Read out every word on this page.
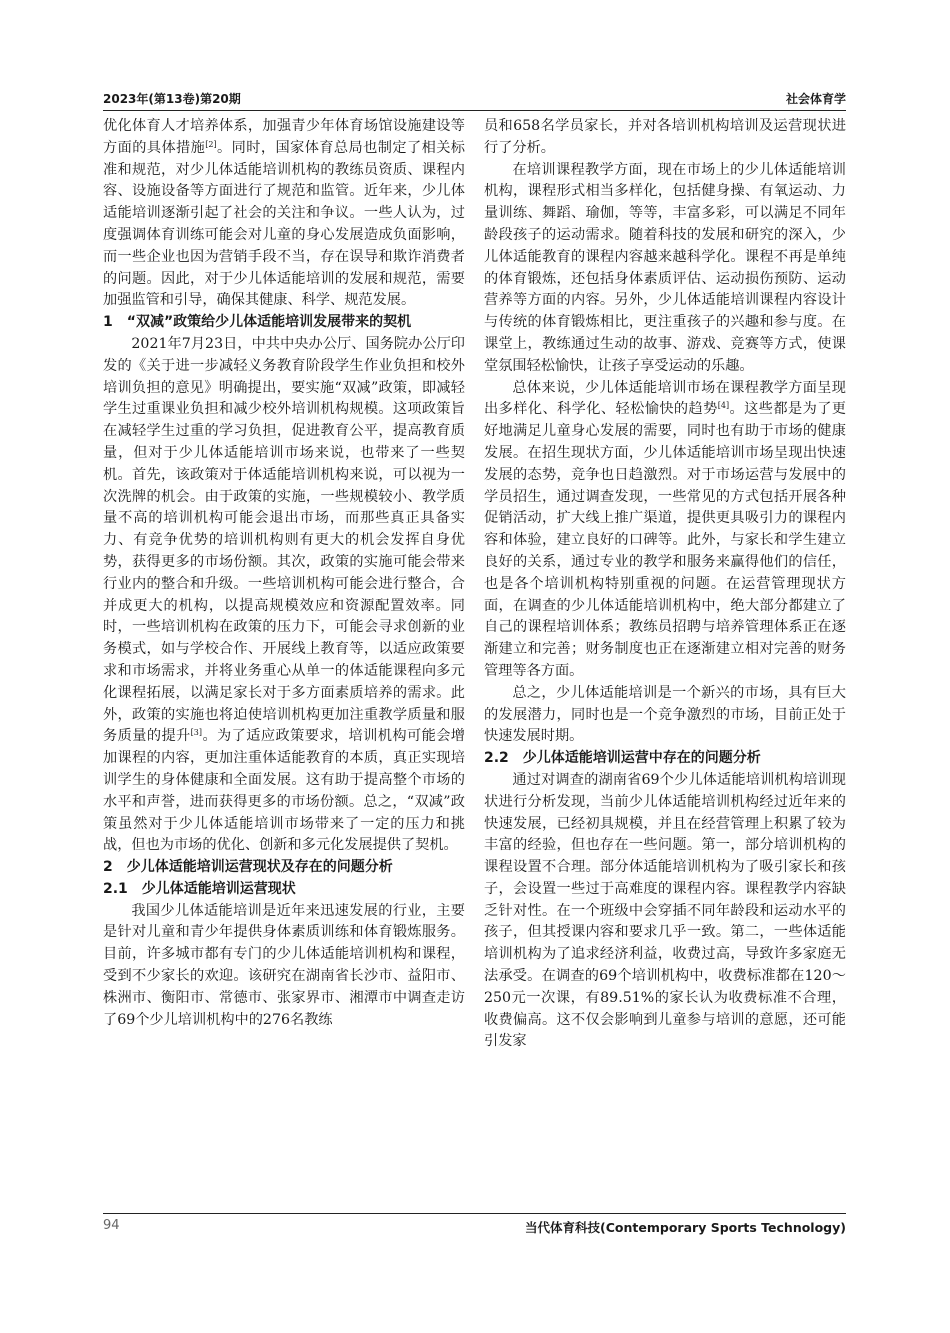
2023年(第13卷)第20期	社会体育学

优化体育人才培养体系，加强青少年体育场馆设施建设等方面的具体措施[2]。同时，国家体育总局也制定了相关标准和规范，对少儿体适能培训机构的教练员资质、课程内容、设施设备等方面进行了规范和监管。近年来，少儿体适能培训逐渐引起了社会的关注和争议。一些人认为，过度强调体育训练可能会对儿童的身心发展造成负面影响，而一些企业也因为营销手段不当，存在误导和欺诈消费者的问题。因此，对于少儿体适能培训的发展和规范，需要加强监管和引导，确保其健康、科学、规范发展。

1　“双减”政策给少儿体适能培训发展带来的契机

2021年7月23日，中共中央办公厅、国务院办公厅印发的《关于进一步减轻义务教育阶段学生作业负担和校外培训负担的意见》明确提出，要实施“双减”政策，即减轻学生过重课业负担和减少校外培训机构规模。这项政策旨在减轻学生过重的学习负担，促进教育公平，提高教育质量，但对于少儿体适能培训市场来说，也带来了一些契机。首先，该政策对于体适能培训机构来说，可以视为一次洗牌的机会。由于政策的实施，一些规模较小、教学质量不高的培训机构可能会退出市场，而那些真正具备实力、有竞争优势的培训机构则有更大的机会发挥自身优势，获得更多的市场份额。其次，政策的实施可能会带来行业内的整合和升级。一些培训机构可能会进行整合，合并成更大的机构，以提高规模效应和资源配置效率。同时，一些培训机构在政策的压力下，可能会寻求创新的业务模式，如与学校合作、开展线上教育等，以适应政策要求和市场需求，并将业务重心从单一的体适能课程向多元化课程拓展，以满足家长对于多方面素质培养的需求。此外，政策的实施也将迫使培训机构更加注重教学质量和服务质量的提升[3]。为了适应政策要求，培训机构可能会增加课程的内容，更加注重体适能教育的本质，真正实现培训学生的身体健康和全面发展。这有助于提高整个市场的水平和声誉，进而获得更多的市场份额。总之，“双减”政策虽然对于少儿体适能培训市场带来了一定的压力和挑战，但也为市场的优化、创新和多元化发展提供了契机。

2　少儿体适能培训运营现状及存在的问题分析
2.1　少儿体适能培训运营现状

我国少儿体适能培训是近年来迅速发展的行业，主要是针对儿童和青少年提供身体素质训练和体育锻炼服务。目前，许多城市都有专门的少儿体适能培训机构和课程，受到不少家长的欢迎。该研究在湖南省长沙市、益阳市、株洲市、衡阳市、常德市、张家界市、湘潭市中调查走访了69个少儿培训机构中的276名教练

员和658名学员家长，并对各培训机构培训及运营现状进行了分析。

在培训课程教学方面，现在市场上的少儿体适能培训机构，课程形式相当多样化，包括健身操、有氧运动、力量训练、舞蹈、瑜伽，等等，丰富多彩，可以满足不同年龄段孩子的运动需求。随着科技的发展和研究的深入，少儿体适能教育的课程内容越来越科学化。课程不再是单纯的体育锻炼，还包括身体素质评估、运动损伤预防、运动营养等方面的内容。另外，少儿体适能培训课程内容设计与传统的体育锻炼相比，更注重孩子的兴趣和参与度。在课堂上，教练通过生动的故事、游戏、竞赛等方式，使课堂氛围轻松愉快，让孩子享受运动的乐趣。

总体来说，少儿体适能培训市场在课程教学方面呈现出多样化、科学化、轻松愉快的趋势[4]。这些都是为了更好地满足儿童身心发展的需要，同时也有助于市场的健康发展。在招生现状方面，少儿体适能培训市场呈现出快速发展的态势，竞争也日趋激烈。对于市场运营与发展中的学员招生，通过调查发现，一些常见的方式包括开展各种促销活动，扩大线上推广渠道，提供更具吸引力的课程内容和体验，建立良好的口碑等。此外，与家长和学生建立良好的关系，通过专业的教学和服务来赢得他们的信任，也是各个培训机构特别重视的问题。在运营管理现状方面，在调查的少儿体适能培训机构中，绝大部分都建立了自己的课程培训体系；教练员招聘与培养管理体系正在逐渐建立和完善；财务制度也正在逐渐建立相对完善的财务管理等各方面。

总之，少儿体适能培训是一个新兴的市场，具有巨大的发展潜力，同时也是一个竞争激烈的市场，目前正处于快速发展时期。

2.2　少儿体适能培训运营中存在的问题分析

通过对调查的湖南省69个少儿体适能培训机构培训现状进行分析发现，当前少儿体适能培训机构经过近年来的快速发展，已经初具规模，并且在经营管理上积累了较为丰富的经验，但也存在一些问题。第一，部分培训机构的课程设置不合理。部分体适能培训机构为了吸引家长和孩子，会设置一些过于高难度的课程内容。课程教学内容缺乏针对性。在一个班级中会穿插不同年龄段和运动水平的孩子，但其授课内容和要求几乎一致。第二，一些体适能培训机构为了追求经济利益，收费过高，导致许多家庭无法承受。在调查的69个培训机构中，收费标准都在120～250元一次课，有89.51%的家长认为收费标准不合理，收费偏高。这不仅会影响到儿童参与培训的意愿，还可能引发家

94	当代体育科技(Contemporary Sports Technology)
